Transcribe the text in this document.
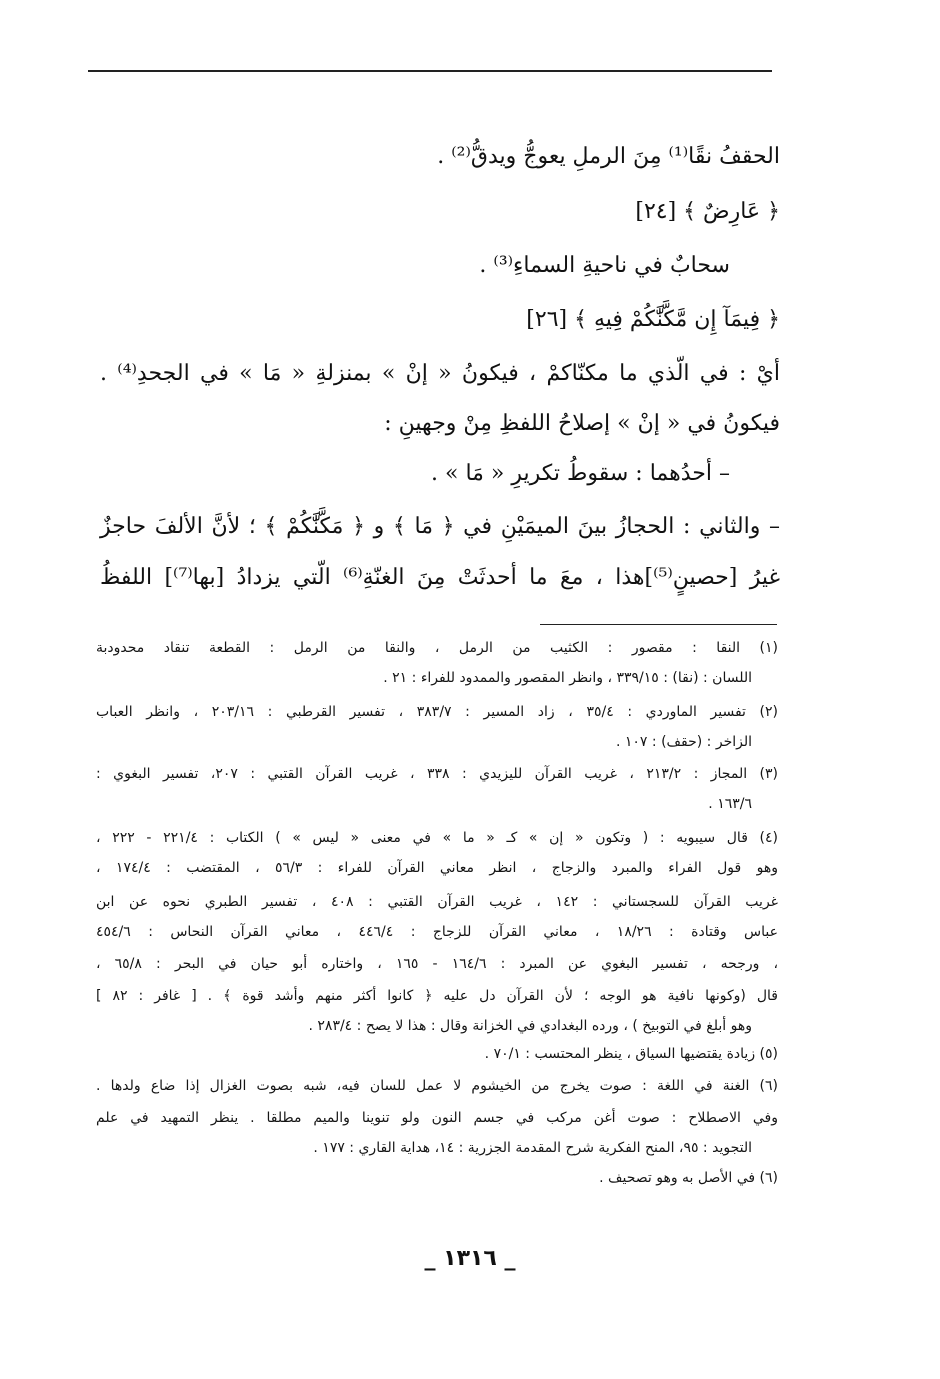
الحقفُ نقًا⁽¹⁾ مِنَ الرملِ يعوجُّ ويدقُّ⁽²⁾ .
﴿ عَارِضٌ ﴾ [٢٤]
سحابٌ في ناحيةِ السماءِ⁽³⁾ .
﴿ فِيمَآ إِن مَّكَّنَّٰكُمْ فِيهِ ﴾ [٢٦]
أيْ : في الّذي ما مكنّاكمْ ، فيكونُ « إنْ » بمنزلةِ « مَا » في الجحدِ⁽⁴⁾ .
فيكونُ في « إنْ » إصلاحُ اللفظِ مِنْ وجهينِ :
– أحدُهما : سقوطُ تكريرِ « مَا » .
– والثاني : الحجازُ بينَ الميمَيْنِ في ﴿ مَا ﴾ و ﴿ مَكَّنَّٰكُمْ ﴾ ؛ لأنَّ الألفَ حاجزٌ
غيرُ [حصينٍ⁽⁵⁾]هذا ، معَ ما أحدثَتْ مِنَ الغنّةِ⁽⁶⁾ الّتي يزدادُ [بها⁽⁷⁾] اللفظُ
(١) النقا : مقصور : الكثيب من الرمل ، والنقا من الرمل : القطعة تنقاد محدودبة
اللسان : (نقا) : ٣٣٩/١٥ ، وانظر المقصور والممدود للفراء : ٢١ .
(٢) تفسير الماوردي : ٣٥/٤ ، زاد المسير : ٣٨٣/٧ ، تفسير القرطبي : ٢٠٣/١٦ ، وانظر العباب
الزاخر : (حقف) : ١٠٧ .
(٣) المجاز : ٢١٣/٢ ، غريب القرآن لليزيدي : ٣٣٨ ، غريب القرآن القتبي : ٢٠٧، تفسير البغوي :
١٦٣/٦ .
(٤) قال سيبويه : ( وتكون « إن » كـ « ما » في معنى « ليس » ) الكتاب : ٢٢١/٤ - ٢٢٢ ،
وهو قول الفراء والمبرد والزجاج ، انظر معاني القرآن للفراء : ٥٦/٣ ، المقتضب : ١٧٤/٤ ،
غريب القرآن للسجستاني : ١٤٢ ، غريب القرآن القتبي : ٤٠٨ ، تفسير الطبري نحوه عن ابن
عباس وقتادة : ١٨/٢٦ ، معاني القرآن للزجاج : ٤٤٦/٤ ، معاني القرآن النحاس : ٤٥٤/٦
، ورجحه ، تفسير البغوي عن المبرد : ١٦٤/٦ - ١٦٥ ، واختاره أبو حيان في البحر : ٦٥/٨ ،
قال (وكونها نافية هو الوجه ؛ لأن القرآن دل عليه ﴿ كانوا أكثر منهم وأشد قوة ﴾ . [ غافر : ٨٢ ]
وهو أبلغ في التوبيخ ) ، ورده البغدادي في الخزانة وقال : هذا لا يصح : ٢٨٣/٤ .
(٥) زيادة يقتضيها السياق ، ينظر المحتسب : ٧٠/١ .
(٦) الغنة في اللغة : صوت يخرج من الخيشوم لا عمل للسان فيه، شبه بصوت الغزال إذا ضاع ولدها .
وفي الاصطلاح : صوت أغن مركب في جسم النون ولو تنوينا والميم مطلقا . ينظر التمهيد في علم
التجويد : ٩٥، المنح الفكرية شرح المقدمة الجزرية : ١٤، هداية القاري : ١٧٧ .
(٦) في الأصل به وهو تصحيف .
_ ١٣١٦ _
